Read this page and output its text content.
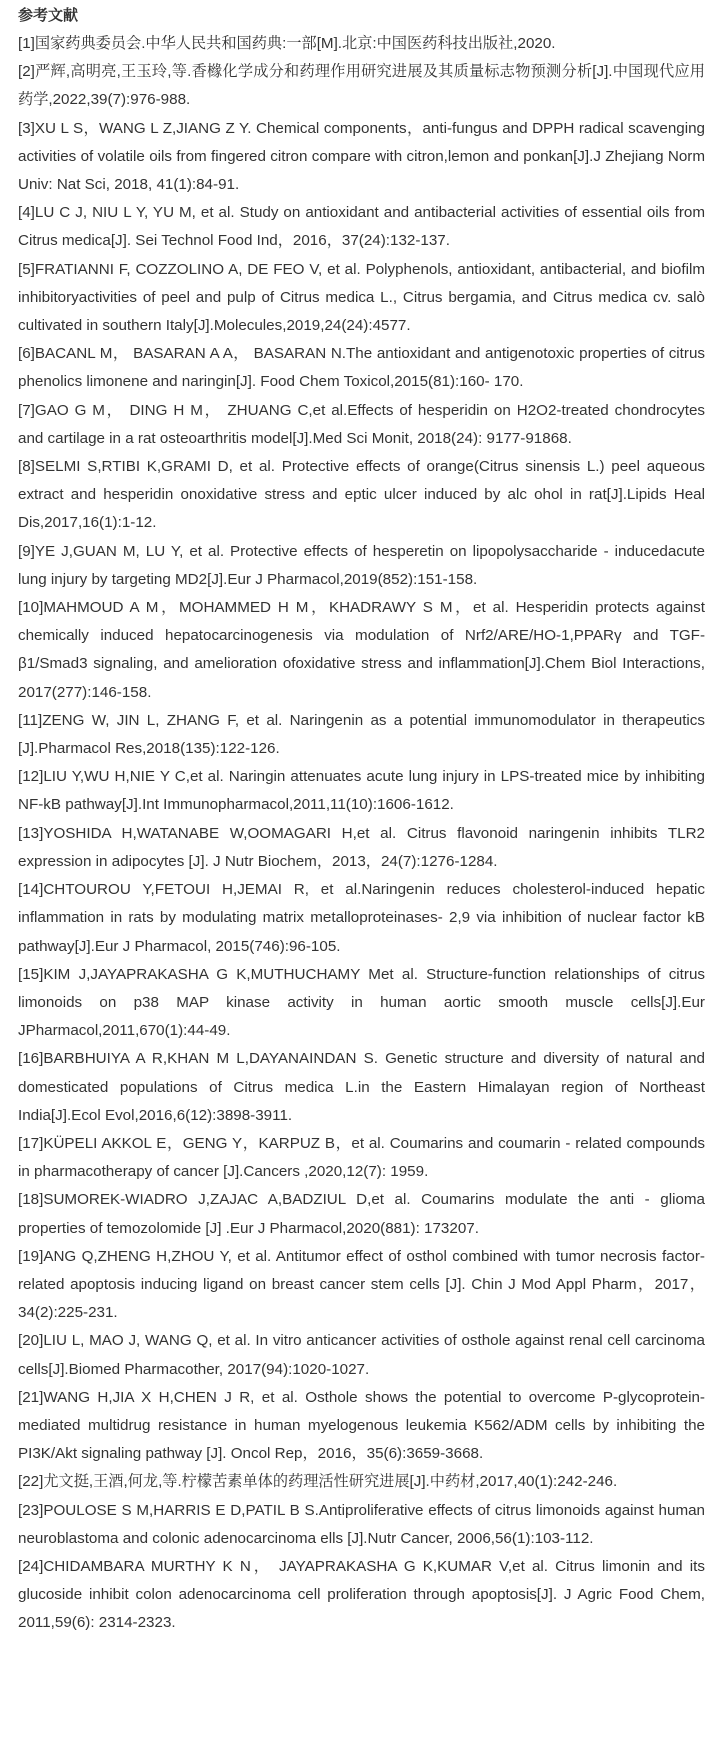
参考文献
[1]国家药典委员会.中华人民共和国药典:一部[M].北京:中国医药科技出版社,2020.
[2]严辉,高明亮,王玉玲,等.香橼化学成分和药理作用研究进展及其质量标志物预测分析[J].中国现代应用药学,2022,39(7):976-988.
[3]XU L S，WANG L Z,JIANG Z Y. Chemical components，anti-fungus and DPPH radical scavenging activities of volatile oils from fingered citron compare with citron,lemon and ponkan[J].J Zhejiang Norm Univ: Nat Sci, 2018, 41(1):84-91.
[4]LU C J, NIU L Y, YU M, et al. Study on antioxidant and antibacterial activities of essential oils from Citrus medica[J]. Sei Technol Food Ind，2016，37(24):132-137.
[5]FRATIANNI F, COZZOLINO A, DE FEO V, et al. Polyphenols, antioxidant, antibacterial, and biofilm inhibitoryactivities of peel and pulp of Citrus medica L., Citrus bergamia, and Citrus medica cv. salò cultivated in southern Italy[J].Molecules,2019,24(24):4577.
[6]BACANL M， BASARAN A A， BASARAN N.The antioxidant and antigenotoxic properties of citrus phenolics limonene and naringin[J]. Food Chem Toxicol,2015(81):160- 170.
[7]GAO G M， DING H M， ZHUANG C,et al.Effects of hesperidin on H2O2-treated chondrocytes and cartilage in a rat osteoarthritis model[J].Med Sci Monit, 2018(24): 9177-91868.
[8]SELMI S,RTIBI K,GRAMI D, et al. Protective effects of orange(Citrus sinensis L.) peel aqueous extract and hesperidin onoxidative stress and eptic ulcer induced by alc ohol in rat[J].Lipids Heal Dis,2017,16(1):1-12.
[9]YE J,GUAN M, LU Y, et al. Protective effects of hesperetin on lipopolysaccharide - inducedacute lung injury by targeting MD2[J].Eur J Pharmacol,2019(852):151-158.
[10]MAHMOUD A M，MOHAMMED H M，KHADRAWY S M，et al. Hesperidin protects against chemically induced hepatocarcinogenesis via modulation of Nrf2/ARE/HO-1,PPARγ and TGF-β1/Smad3 signaling, and amelioration ofoxidative stress and inflammation[J].Chem Biol Interactions, 2017(277):146-158.
[11]ZENG W, JIN L, ZHANG F, et al. Naringenin as a potential immunomodulator in therapeutics [J].Pharmacol Res,2018(135):122-126.
[12]LIU Y,WU H,NIE Y C,et al. Naringin attenuates acute lung injury in LPS-treated mice by inhibiting NF-kB pathway[J].Int Immunopharmacol,2011,11(10):1606-1612.
[13]YOSHIDA H,WATANABE W,OOMAGARI H,et al. Citrus flavonoid naringenin inhibits TLR2 expression in adipocytes [J]. J Nutr Biochem，2013，24(7):1276-1284.
[14]CHTOUROU Y,FETOUI H,JEMAI R, et al.Naringenin reduces cholesterol-induced hepatic inflammation in rats by modulating matrix metalloproteinases- 2,9 via inhibition of nuclear factor kB pathway[J].Eur J Pharmacol, 2015(746):96-105.
[15]KIM J,JAYAPRAKASHA G K,MUTHUCHAMY Met al. Structure-function relationships of citrus limonoids on p38 MAP kinase activity in human aortic smooth muscle cells[J].Eur JPharmacol,2011,670(1):44-49.
[16]BARBHUIYA A R,KHAN M L,DAYANAINDAN S. Genetic structure and diversity of natural and domesticated populations of Citrus medica L.in the Eastern Himalayan region of Northeast India[J].Ecol Evol,2016,6(12):3898-3911.
[17]KÜPELI AKKOL E，GENG Y，KARPUZ B，et al. Coumarins and coumarin - related compounds in pharmacotherapy of cancer [J].Cancers ,2020,12(7): 1959.
[18]SUMOREK-WIADRO J,ZAJAC A,BADZIUL D,et al. Coumarins modulate the anti - glioma properties of temozolomide [J] .Eur J Pharmacol,2020(881): 173207.
[19]ANG Q,ZHENG H,ZHOU Y, et al. Antitumor effect of osthol combined with tumor necrosis factor-related apoptosis inducing ligand on breast cancer stem cells [J]. Chin J Mod Appl Pharm，2017，34(2):225-231.
[20]LIU L, MAO J, WANG Q, et al. In vitro anticancer activities of osthole against renal cell carcinoma cells[J].Biomed Pharmacother, 2017(94):1020-1027.
[21]WANG H,JIA X H,CHEN J R, et al. Osthole shows the potential to overcome P-glycoprotein-mediated multidrug resistance in human myelogenous leukemia K562/ADM cells by inhibiting the PI3K/Akt signaling pathway [J]. Oncol Rep，2016，35(6):3659-3668.
[22]尤文挺,王酒,何龙,等.柠檬苦素单体的药理活性研究进展[J].中药材,2017,40(1):242-246.
[23]POULOSE S M,HARRIS E D,PATIL B S.Antiproliferative effects of citrus limonoids against human neuroblastoma and colonic adenocarcinoma ells [J].Nutr Cancer, 2006,56(1):103-112.
[24]CHIDAMBARA MURTHY K N， JAYAPRAKASHA G K,KUMAR V,et al. Citrus limonin and its glucoside inhibit colon adenocarcinoma cell proliferation through apoptosis[J]. J Agric Food Chem, 2011,59(6): 2314-2323.
